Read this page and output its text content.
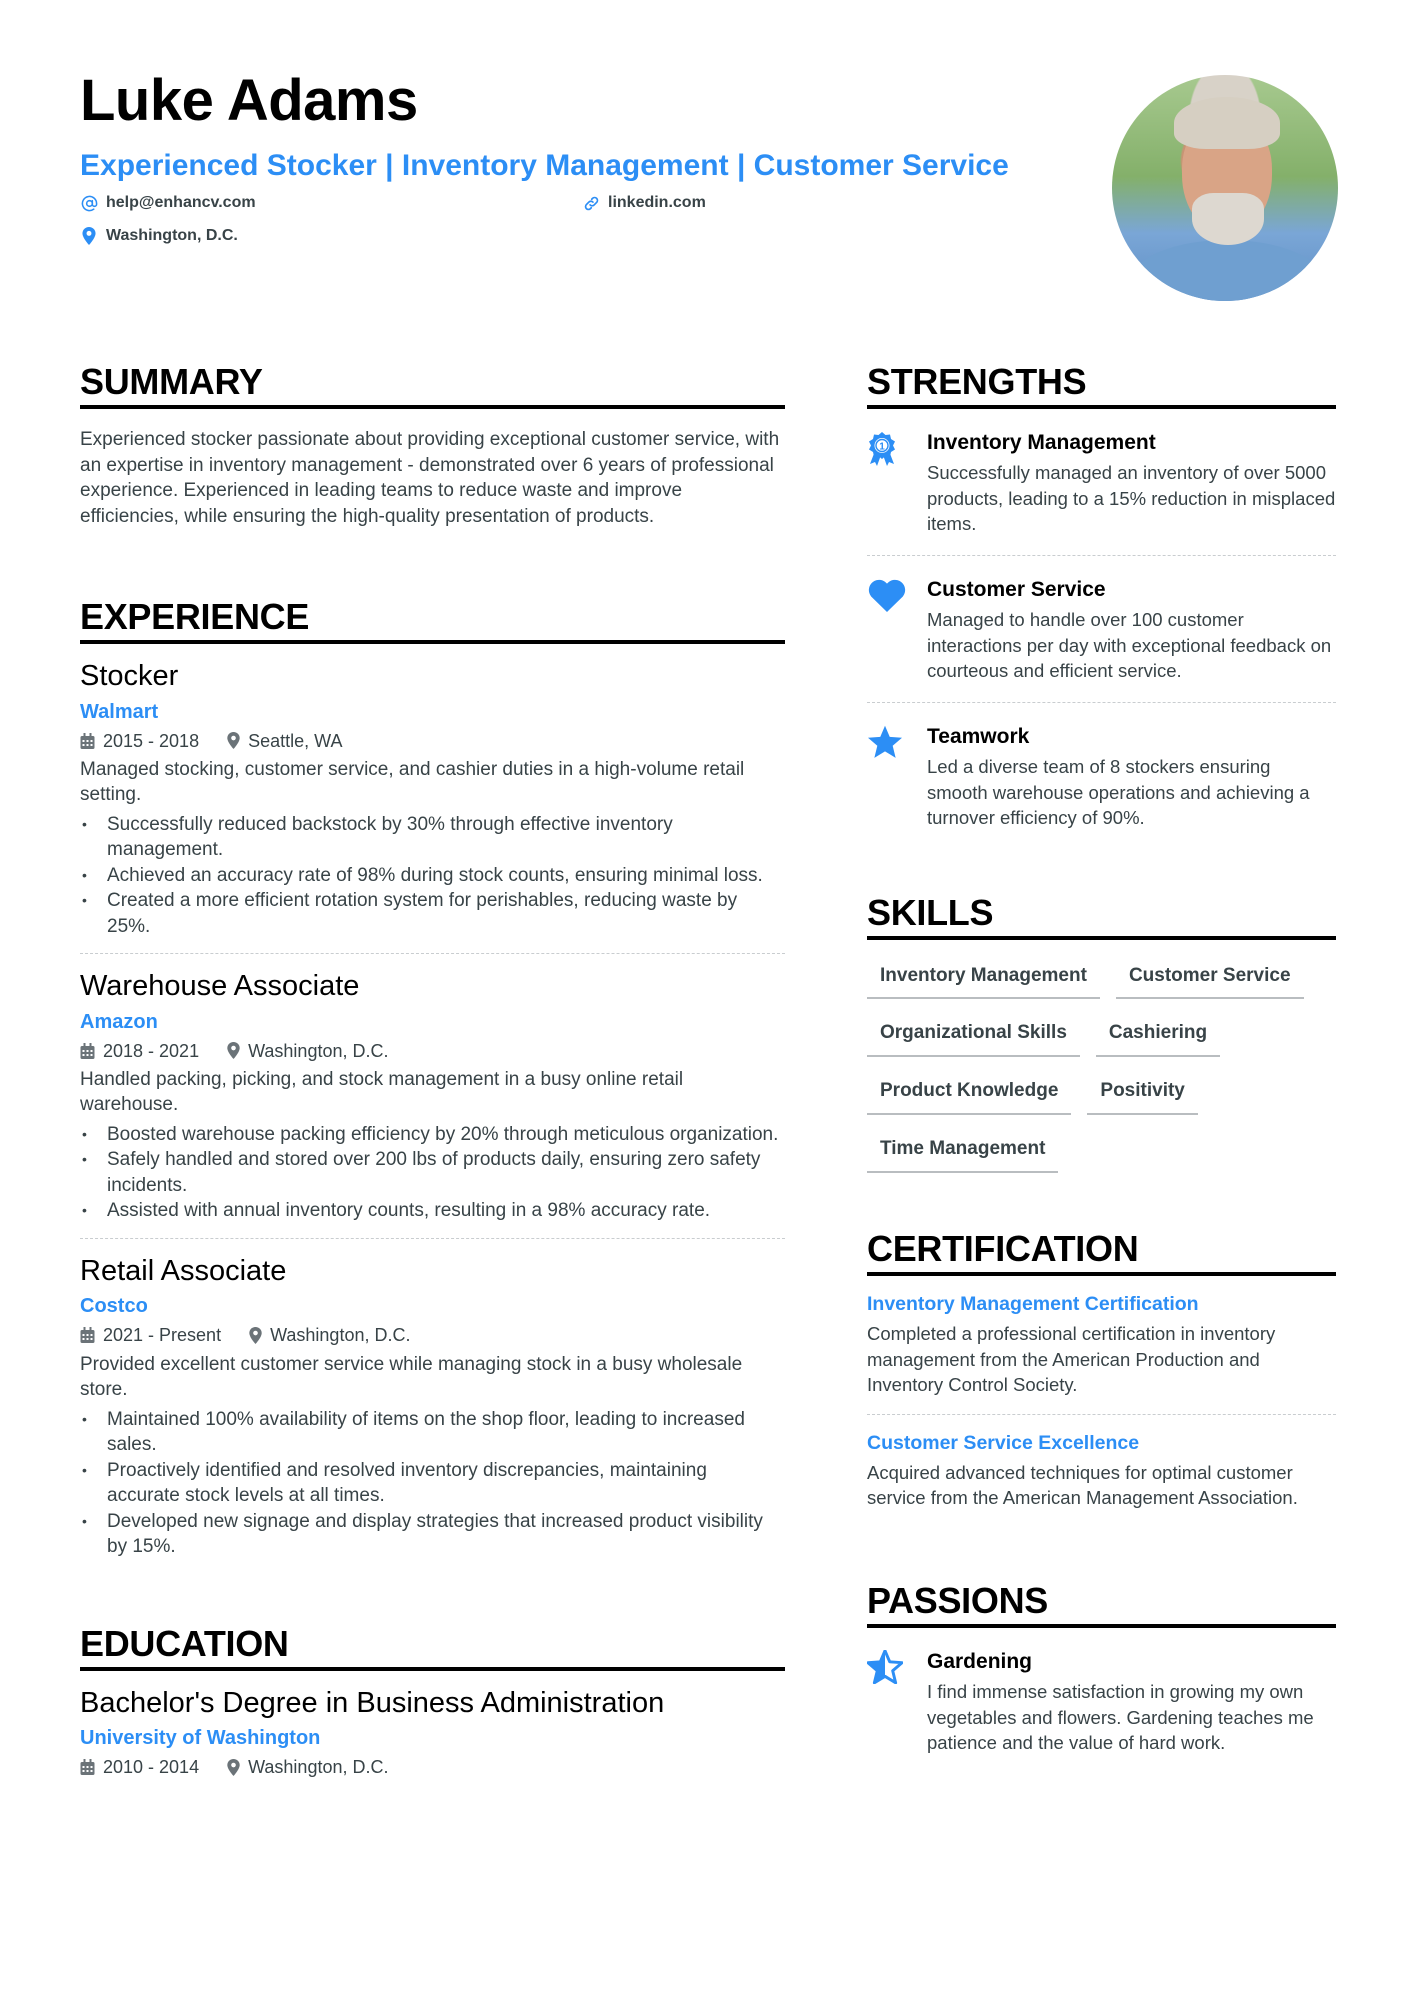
Luke Adams
Experienced Stocker | Inventory Management | Customer Service
help@enhancv.com	linkedin.com
Washington, D.C.
SUMMARY

Experienced stocker passionate about providing exceptional customer service, with an expertise in inventory management - demonstrated over 6 years of professional experience. Experienced in leading teams to reduce waste and improve efficiencies, while ensuring the high-quality presentation of products.

EXPERIENCE
Stocker
Walmart
2015 - 2018	Seattle, WA

Managed stocking, customer service, and cashier duties in a high-volume retail setting.

• Successfully reduced backstock by 30% through effective inventory management.
• Achieved an accuracy rate of 98% during stock counts, ensuring minimal loss.
• Created a more efficient rotation system for perishables, reducing waste by 25%.
Warehouse Associate
Amazon
2018 - 2021	Washington, D.C.

Handled packing, picking, and stock management in a busy online retail warehouse.

• Boosted warehouse packing efficiency by 20% through meticulous organization.
• Safely handled and stored over 200 lbs of products daily, ensuring zero safety incidents.
• Assisted with annual inventory counts, resulting in a 98% accuracy rate.
Retail Associate
Costco
2021 - Present	Washington, D.C.

Provided excellent customer service while managing stock in a busy wholesale store.

• Maintained 100% availability of items on the shop floor, leading to increased sales.
• Proactively identified and resolved inventory discrepancies, maintaining accurate stock levels at all times.
• Developed new signage and display strategies that increased product visibility by 15%.
EDUCATION
Bachelor's Degree in Business Administration
University of Washington
2010 - 2014	Washington, D.C.
STRENGTHS
1 Inventory Management

Successfully managed an inventory of over 5000 products, leading to a 15% reduction in misplaced items.

Customer Service

Managed to handle over 100 customer interactions per day with exceptional feedback on courteous and efficient service.

Teamwork

Led a diverse team of 8 stockers ensuring smooth warehouse operations and achieving a turnover efficiency of 90%.

SKILLS
Inventory Management	Customer Service
Organizational Skills	Cashiering
Product Knowledge	Positivity
Time Management
CERTIFICATION
Inventory Management Certification

Completed a professional certification in inventory management from the American Production and Inventory Control Society.

Customer Service Excellence

Acquired advanced techniques for optimal customer service from the American Management Association.

PASSIONS
Gardening

I find immense satisfaction in growing my own vegetables and flowers. Gardening teaches me patience and the value of hard work.
